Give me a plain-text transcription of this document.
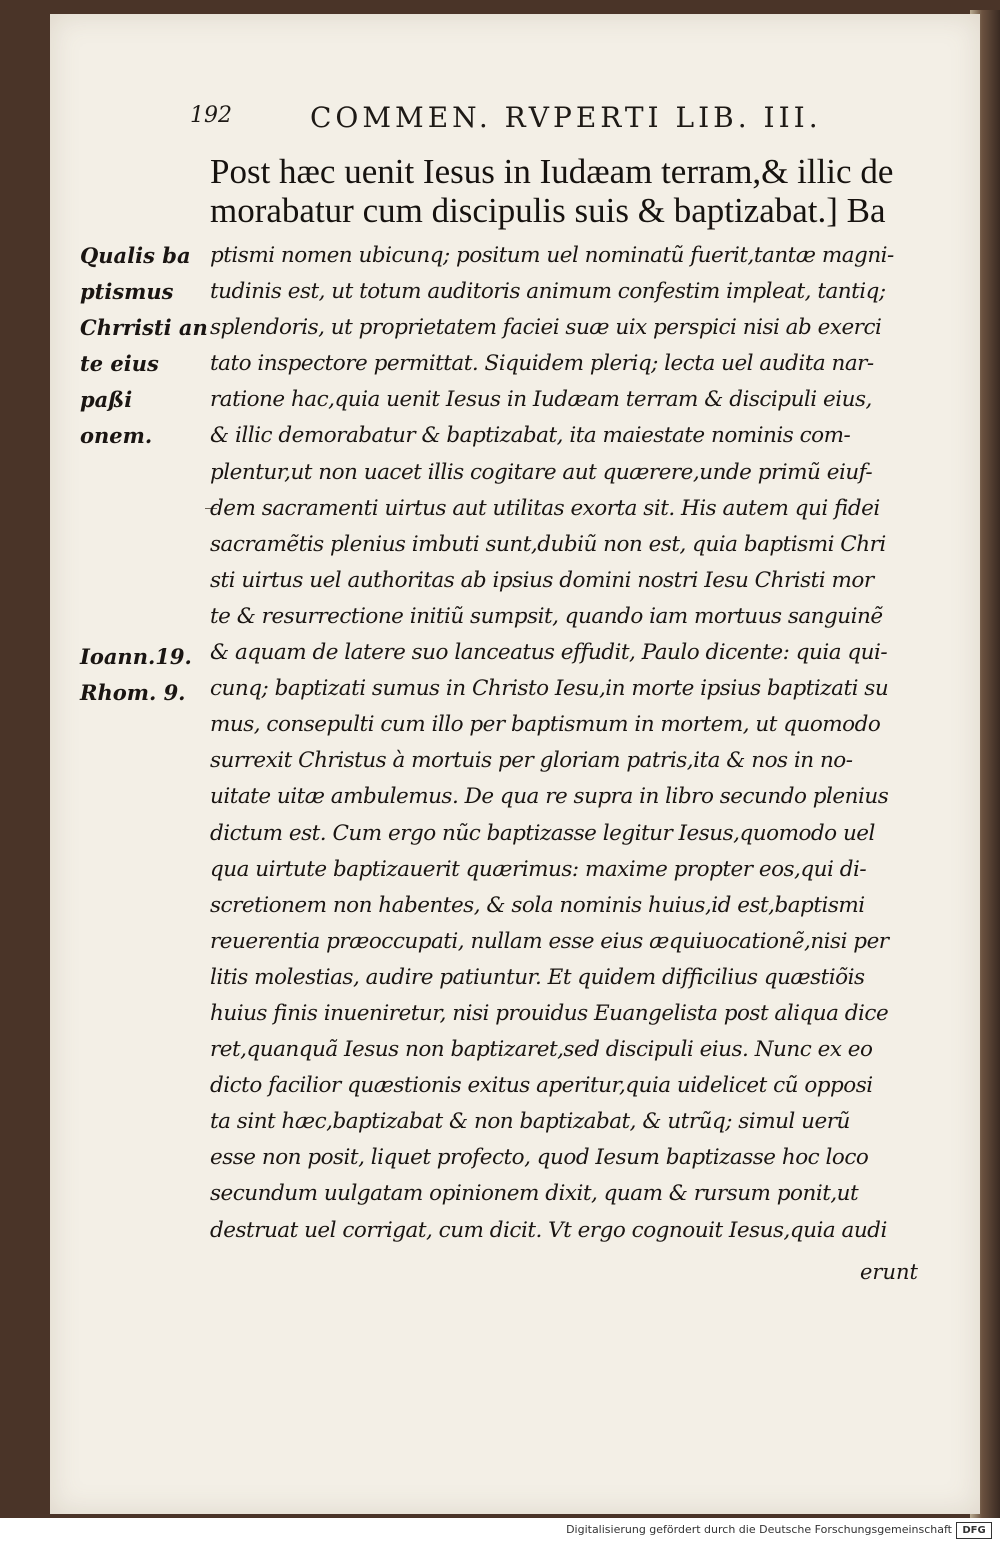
192	COMMEN. RVPERTI LIB. III.
Post hæc uenit Iesus in Iudæam terram,& illic de
morabatur cum discipulis suis & baptizabat.] Ba
Qualis ba
ptismus
Chrristi an
te eius paßi
onem.
Ioann.19.
Rhom. 9.
ptismi nomen ubicunq; positum uel nominatũ fuerit,tantæ magni-
tudinis est, ut totum auditoris animum confestim impleat, tantiq;
splendoris, ut proprietatem faciei suæ uix perspici nisi ab exerci
tato inspectore permittat. Siquidem pleriq; lecta uel audita nar-
ratione hac,quia uenit Iesus in Iudæam terram & discipuli eius,
& illic demorabatur & baptizabat, ita maiestate nominis com-
plentur,ut non uacet illis cogitare aut quærere,unde primũ eiuf-
dem sacramenti uirtus aut utilitas exorta sit. His autem qui fidei
sacramẽtis plenius imbuti sunt,dubiũ non est, quia baptismi Chri
sti uirtus uel authoritas ab ipsius domini nostri Iesu Christi mor
te & resurrectione initiũ sumpsit, quando iam mortuus sanguinẽ
& aquam de latere suo lanceatus effudit, Paulo dicente: quia qui-
cunq; baptizati sumus in Christo Iesu,in morte ipsius baptizati su
mus, consepulti cum illo per baptismum in mortem, ut quomodo
surrexit Christus à mortuis per gloriam patris,ita & nos in no-
uitate uitæ ambulemus. De qua re supra in libro secundo plenius
dictum est. Cum ergo nũc baptizasse legitur Iesus,quomodo uel
qua uirtute baptizauerit quærimus: maxime propter eos,qui di-
scretionem non habentes, & sola nominis huius,id est,baptismi
reuerentia præoccupati, nullam esse eius æquiuocationẽ,nisi per
litis molestias, audire patiuntur. Et quidem difficilius quæstiõis
huius finis inueniretur, nisi prouidus Euangelista post aliqua dice
ret,quanquã Iesus non baptizaret,sed discipuli eius. Nunc ex eo
dicto facilior quæstionis exitus aperitur,quia uidelicet cũ opposi
ta sint hæc,baptizabat & non baptizabat, & utrũq; simul uerũ
esse non posit, liquet profecto, quod Iesum baptizasse hoc loco
secundum uulgatam opinionem dixit, quam & rursum ponit,ut
destruat uel corrigat, cum dicit. Vt ergo cognouit Iesus,quia audi
erunt
Digitalisierung gefördert durch die Deutsche Forschungsgemeinschaft	DFG
